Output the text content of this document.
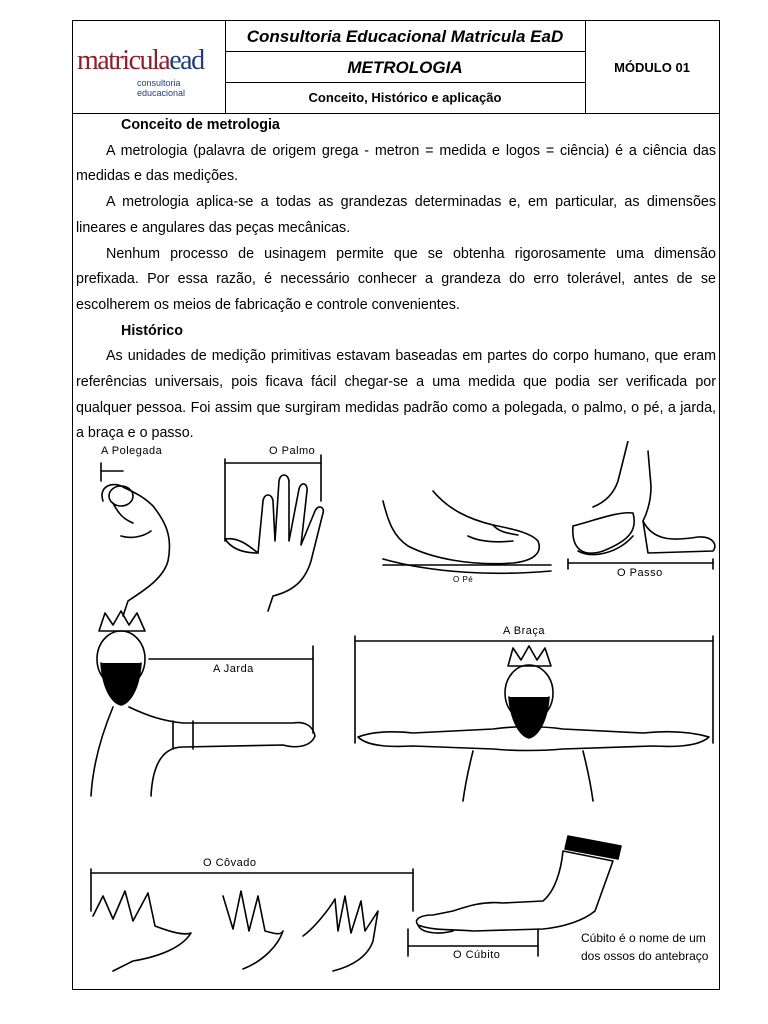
matriculaead
consultoria educacional
Consultoria Educacional Matricula EaD
METROLOGIA
Conceito, Histórico e aplicação
MÓDULO 01

Conceito de metrologia

A metrologia (palavra de origem grega - metron = medida e logos = ciência) é a ciência das medidas e das medições.

A metrologia aplica-se a todas as grandezas determinadas e, em particular, as dimensões lineares e angulares das peças mecânicas.

Nenhum processo de usinagem permite que se obtenha rigorosamente uma dimensão prefixada. Por essa razão, é necessário conhecer a grandeza do erro tolerável, antes de se escolherem os meios de fabricação e controle convenientes.

Histórico

As unidades de medição primitivas estavam baseadas em partes do corpo humano, que eram referências universais, pois ficava fácil chegar-se a uma medida que podia ser verificada por qualquer pessoa. Foi assim que surgiram medidas padrão como a polegada, o palmo, o pé, a jarda, a braça e o passo.

A Polegada	O Palmo
O Pé
O Passo
A Jarda
A Braça
O Côvado
O Cúbito
Cúbito é o nome de um
dos ossos do antebraço
